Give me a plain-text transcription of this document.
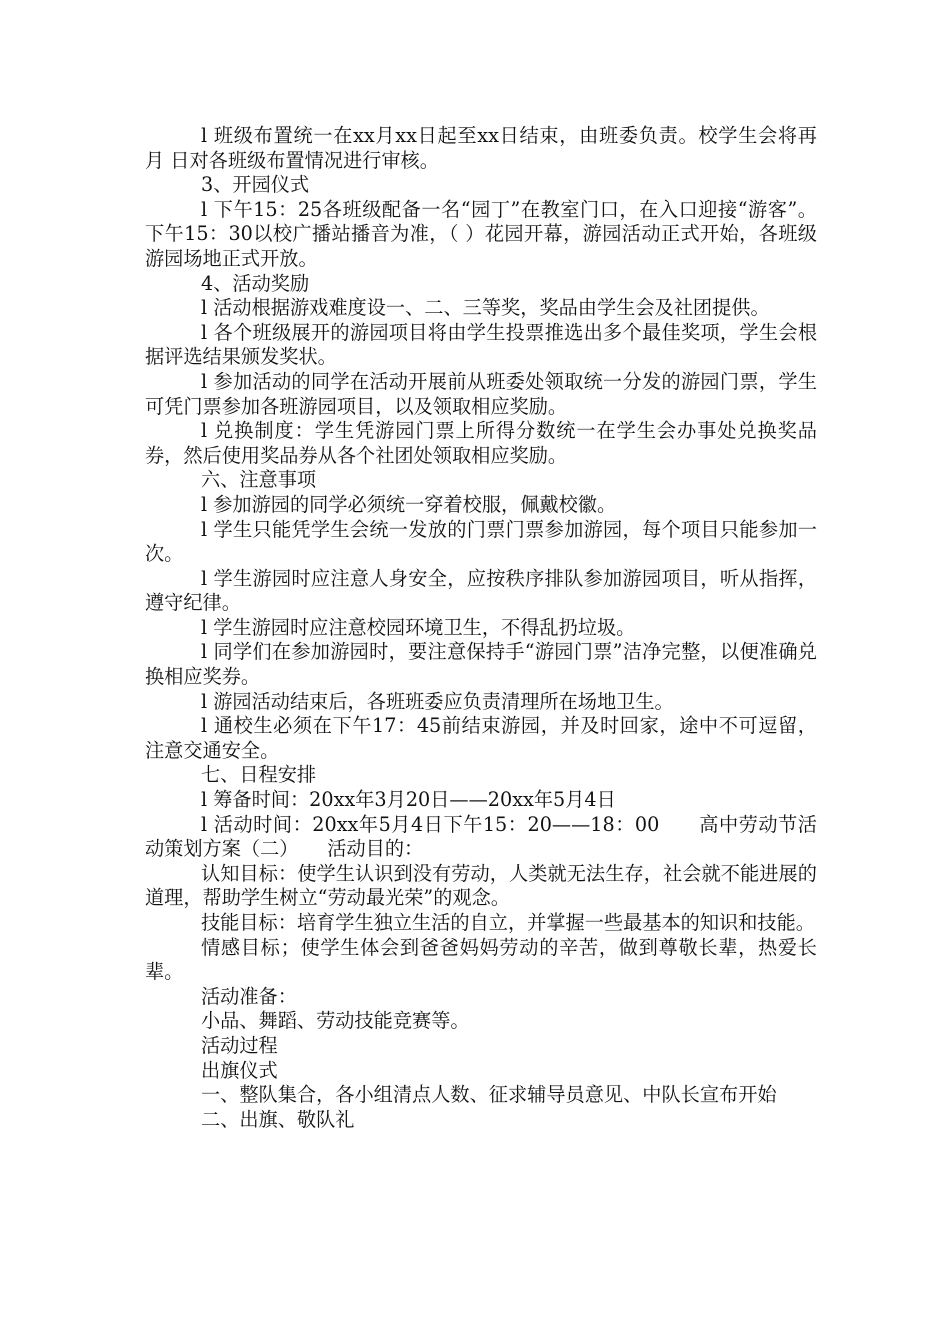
l 班级布置统一在xx月xx日起至xx日结束，由班委负责。校学生会将再 月 日对各班级布置情况进行审核。

3、开园仪式

l 下午15：25各班级配备一名“园丁”在教室门口，在入口迎接“游客”。下午15：30以校广播站播音为准，（ ）花园开幕，游园活动正式开始，各班级游园场地正式开放。

4、活动奖励

l 活动根据游戏难度设一、二、三等奖，奖品由学生会及社团提供。

l 各个班级展开的游园项目将由学生投票推选出多个最佳奖项，学生会根据评选结果颁发奖状。

l 参加活动的同学在活动开展前从班委处领取统一分发的游园门票，学生可凭门票参加各班游园项目，以及领取相应奖励。

l 兑换制度：学生凭游园门票上所得分数统一在学生会办事处兑换奖品券，然后使用奖品券从各个社团处领取相应奖励。

六、注意事项

l 参加游园的同学必须统一穿着校服，佩戴校徽。

l 学生只能凭学生会统一发放的门票门票参加游园，每个项目只能参加一次。

l 学生游园时应注意人身安全，应按秩序排队参加游园项目，听从指挥，遵守纪律。

l 学生游园时应注意校园环境卫生，不得乱扔垃圾。

l 同学们在参加游园时，要注意保持手“游园门票”洁净完整，以便准确兑换相应奖券。

l 游园活动结束后，各班班委应负责清理所在场地卫生。

l 通校生必须在下午17：45前结束游园，并及时回家，途中不可逗留，注意交通安全。

七、日程安排

l 筹备时间：20xx年3月20日——20xx年5月4日

l 活动时间：20xx年5月4日下午15：20——18：00　　高中劳动节活动策划方案（二）　　活动目的：

认知目标：使学生认识到没有劳动，人类就无法生存，社会就不能进展的道理，帮助学生树立“劳动最光荣”的观念。

技能目标：培育学生独立生活的自立，并掌握一些最基本的知识和技能。

情感目标；使学生体会到爸爸妈妈劳动的辛苦，做到尊敬长辈，热爱长辈。

活动准备：

小品、舞蹈、劳动技能竞赛等。

活动过程

出旗仪式

一、整队集合，各小组清点人数、征求辅导员意见、中队长宣布开始

二、出旗、敬队礼
